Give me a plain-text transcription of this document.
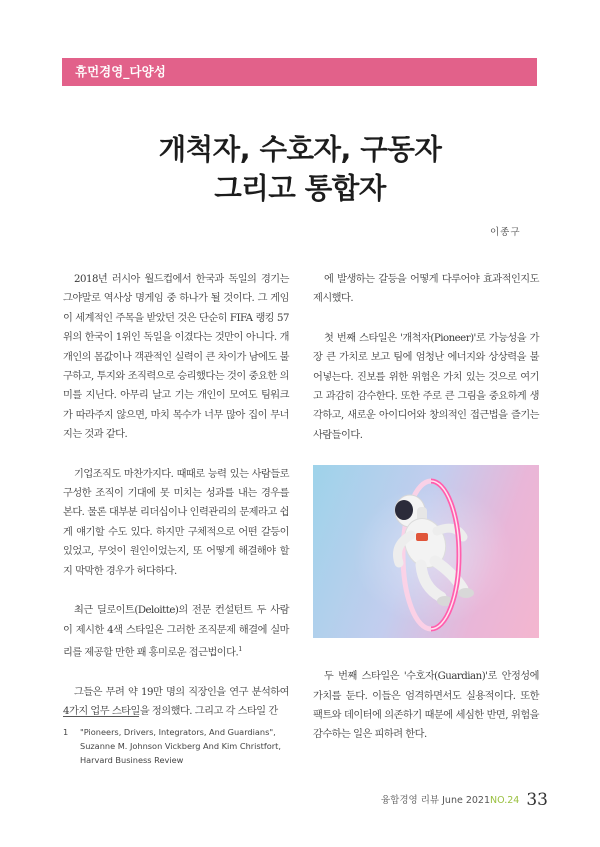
휴먼경영_다양성
개척자, 수호자, 구동자
그리고 통합자
이종구

2018년 러시아 월드컵에서 한국과 독일의 경기는 그야말로 역사상 명게임 중 하나가 될 것이다. 그 게임이 세계적인 주목을 받았던 것은 단순히 FIFA 랭킹 57위의 한국이 1위인 독일을 이겼다는 것만이 아니다. 개개인의 몸값이나 객관적인 실력이 큰 차이가 남에도 불구하고, 투지와 조직력으로 승리했다는 것이 중요한 의미를 지닌다. 아무리 날고 기는 개인이 모여도 팀워크가 따라주지 않으면, 마치 목수가 너무 많아 집이 무너지는 것과 같다.

기업조직도 마찬가지다. 때때로 능력 있는 사람들로 구성한 조직이 기대에 못 미치는 성과를 내는 경우를 본다. 물론 대부분 리더십이나 인력관리의 문제라고 쉽게 얘기할 수도 있다. 하지만 구체적으로 어떤 갈등이 있었고, 무엇이 원인이었는지, 또 어떻게 해결해야 할지 막막한 경우가 허다하다.

최근 딜로이트(Deloitte)의 전문 컨설턴트 두 사람이 제시한 4색 스타일은 그러한 조직문제 해결에 실마리를 제공할 만한 꽤 흥미로운 접근법이다.$^1$

그들은 무려 약 19만 명의 직장인을 연구 분석하여 4가지 업무 스타일을 정의했다. 그리고 각 스타일 간

에 발생하는 갈등을 어떻게 다루어야 효과적인지도 제시했다.

첫 번째 스타일은 '개척자(Pioneer)'로 가능성을 가장 큰 가치로 보고 팀에 엄청난 에너지와 상상력을 불어넣는다. 진보를 위한 위험은 가치 있는 것으로 여기고 과감히 감수한다. 또한 주로 큰 그림을 중요하게 생각하고, 새로운 아이디어와 창의적인 접근법을 즐기는 사람들이다.

두 번째 스타일은 '수호자(Guardian)'로 안정성에 가치를 둔다. 이들은 엄격하면서도 실용적이다. 또한 팩트와 데이터에 의존하기 때문에 세심한 반면, 위험을 감수하는 일은 피하려 한다.

1 "Pioneers, Drivers, Integrators, And Guardians", Suzanne M. Johnson Vickberg And Kim Christfort, Harvard Business Review
융합경영 리뷰 June 2021NO.24 33
